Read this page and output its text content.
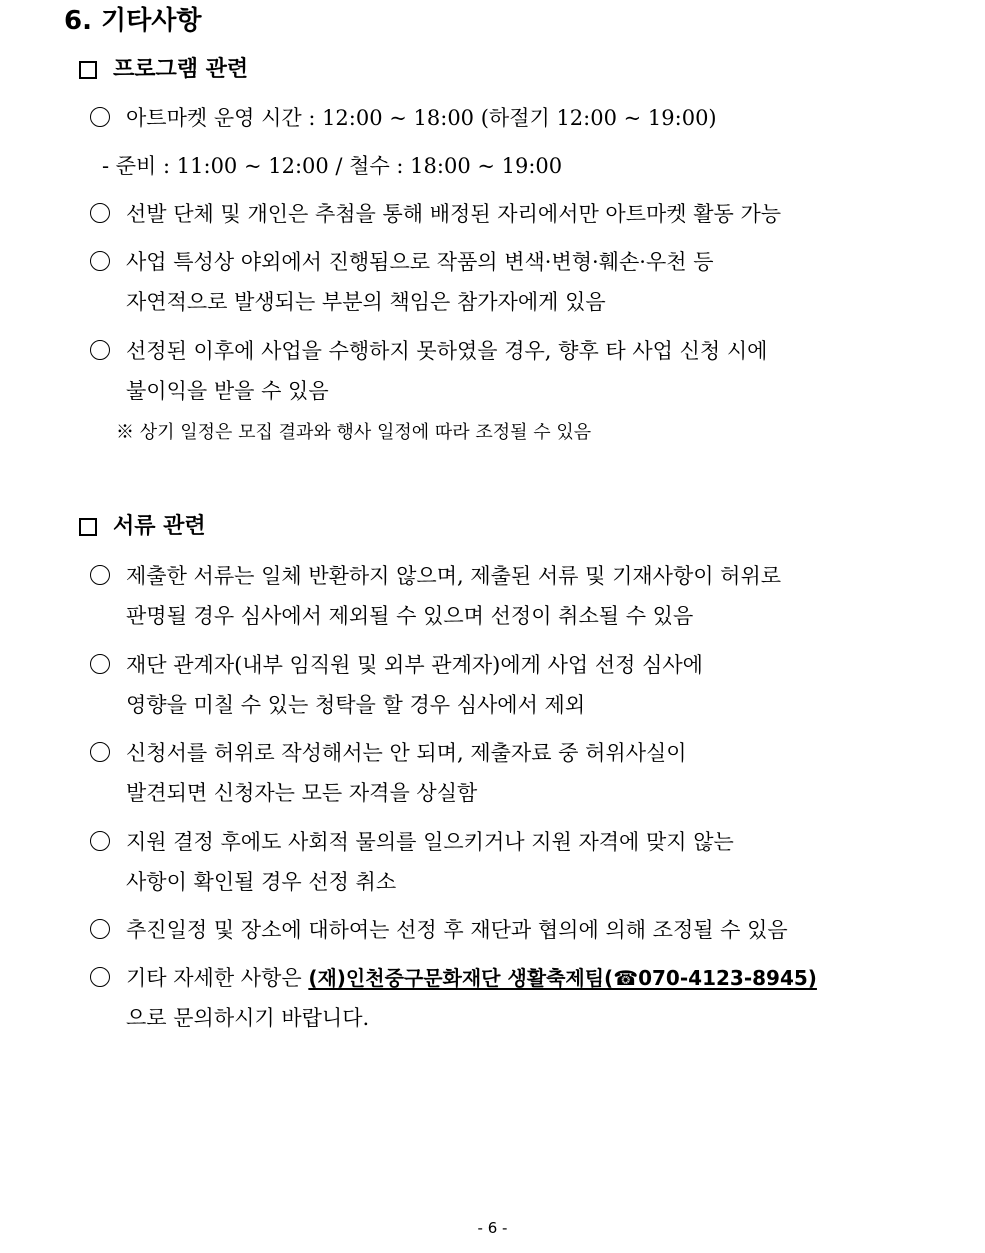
6. 기타사항
프로그램 관련
아트마켓 운영 시간 : 12:00 ~ 18:00 (하절기 12:00 ~ 19:00)
- 준비 : 11:00 ~ 12:00 / 철수 : 18:00 ~ 19:00
선발 단체 및 개인은 추첨을 통해 배정된 자리에서만 아트마켓 활동 가능
사업 특성상 야외에서 진행됨으로 작품의 변색·변형·훼손·우천 등
자연적으로 발생되는 부분의 책임은 참가자에게 있음
선정된 이후에 사업을 수행하지 못하였을 경우, 향후 타 사업 신청 시에
불이익을 받을 수 있음
※ 상기 일정은 모집 결과와 행사 일정에 따라 조정될 수 있음
서류 관련
제출한 서류는 일체 반환하지 않으며, 제출된 서류 및 기재사항이 허위로
판명될 경우 심사에서 제외될 수 있으며 선정이 취소될 수 있음
재단 관계자(내부 임직원 및 외부 관계자)에게 사업 선정 심사에
영향을 미칠 수 있는 청탁을 할 경우 심사에서 제외
신청서를 허위로 작성해서는 안 되며, 제출자료 중 허위사실이
발견되면 신청자는 모든 자격을 상실함
지원 결정 후에도 사회적 물의를 일으키거나 지원 자격에 맞지 않는
사항이 확인될 경우 선정 취소
추진일정 및 장소에 대하여는 선정 후 재단과 협의에 의해 조정될 수 있음
기타 자세한 사항은 (재)인천중구문화재단 생활축제팀(☎070-4123-8945)
으로 문의하시기 바랍니다.
- 6 -
